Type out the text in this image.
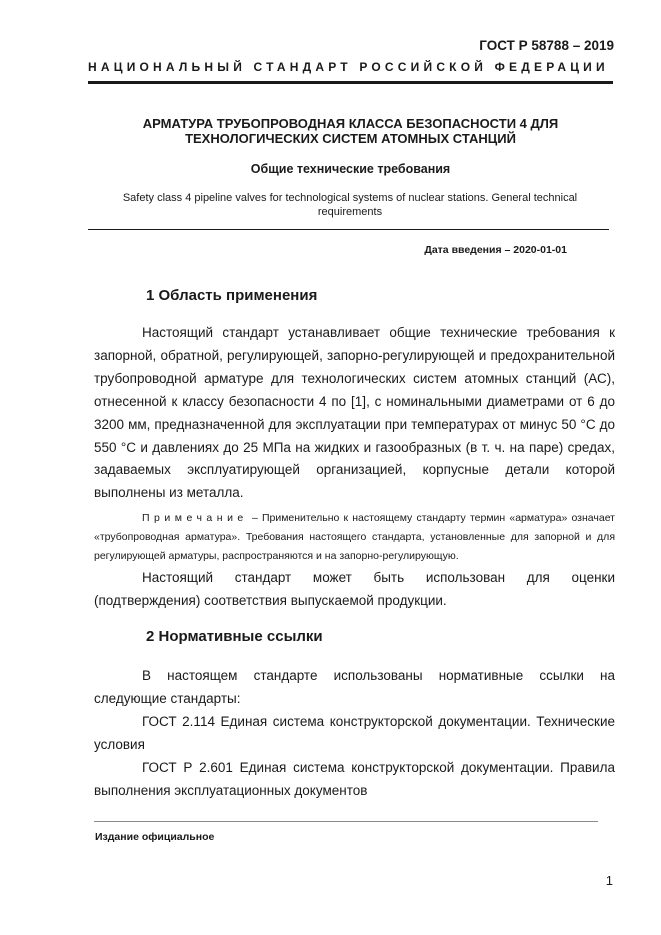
ГОСТ Р 58788 – 2019
НАЦИОНАЛЬНЫЙ СТАНДАРТ РОССИЙСКОЙ ФЕДЕРАЦИИ
АРМАТУРА ТРУБОПРОВОДНАЯ КЛАССА БЕЗОПАСНОСТИ 4 ДЛЯ
ТЕХНОЛОГИЧЕСКИХ СИСТЕМ АТОМНЫХ СТАНЦИЙ
Общие технические требования
Safety class 4 pipeline valves for technological systems of nuclear stations. General technical requirements
Дата введения – 2020-01-01
1 Область применения
Настоящий стандарт устанавливает общие технические требования к запорной, обратной, регулирующей, запорно-регулирующей и предохранительной трубопроводной арматуре для технологических систем атомных станций (АС), отнесенной к классу безопасности 4 по [1], с номинальными диаметрами от 6 до 3200 мм, предназначенной для эксплуатации при температурах от минус 50 °С до 550 °С и давлениях до 25 МПа на жидких и газообразных (в т. ч. на паре) средах, задаваемых эксплуатирующей организацией, корпусные детали которой выполнены из металла.
Примечание – Применительно к настоящему стандарту термин «арматура» означает «трубопроводная арматура». Требования настоящего стандарта, установленные для запорной и для регулирующей арматуры, распространяются и на запорно-регулирующую.
Настоящий стандарт может быть использован для оценки (подтверждения) соответствия выпускаемой продукции.
2 Нормативные ссылки
В настоящем стандарте использованы нормативные ссылки на следующие стандарты:
ГОСТ 2.114 Единая система конструкторской документации. Технические условия
ГОСТ Р 2.601 Единая система конструкторской документации. Правила выполнения эксплуатационных документов
Издание официальное
1
